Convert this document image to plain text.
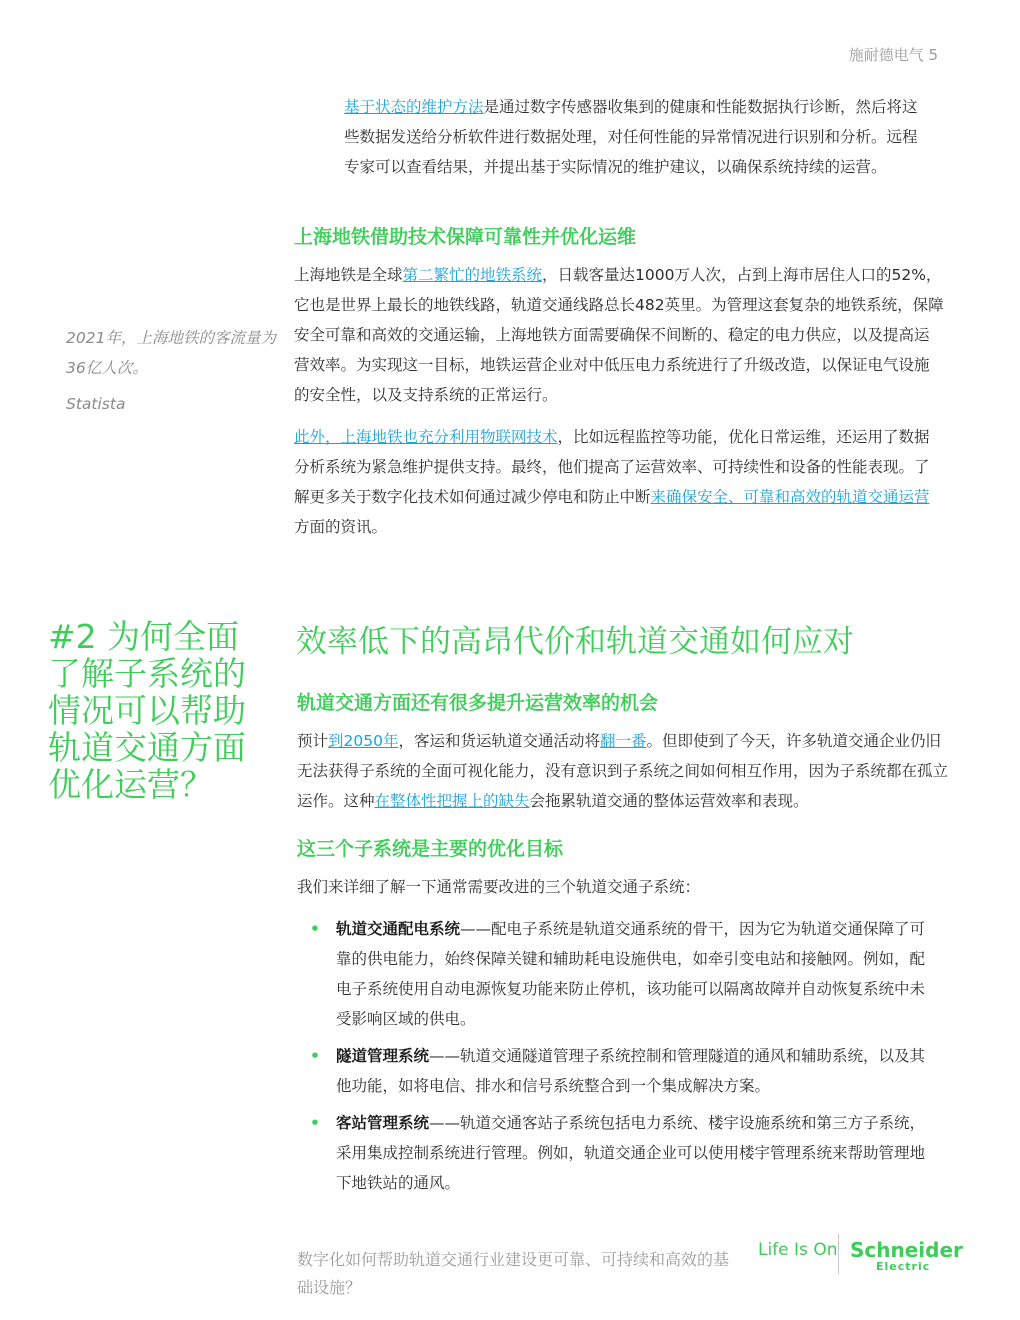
施耐德电气 5
基于状态的维护方法是通过数字传感器收集到的健康和性能数据执行诊断，然后将这些数据发送给分析软件进行数据处理，对任何性能的异常情况进行识别和分析。远程专家可以查看结果，并提出基于实际情况的维护建议，以确保系统持续的运营。
上海地铁借助技术保障可靠性并优化运维
上海地铁是全球第二繁忙的地铁系统，日载客量达1000万人次，占到上海市居住人口的52%，它也是世界上最长的地铁线路，轨道交通线路总长482英里。为管理这套复杂的地铁系统，保障安全可靠和高效的交通运输，上海地铁方面需要确保不间断的、稳定的电力供应，以及提高运营效率。为实现这一目标，地铁运营企业对中低压电力系统进行了升级改造，以保证电气设施的安全性，以及支持系统的正常运行。
此外，上海地铁也充分利用物联网技术，比如远程监控等功能，优化日常运维，还运用了数据分析系统为紧急维护提供支持。最终，他们提高了运营效率、可持续性和设备的性能表现。了解更多关于数字化技术如何通过减少停电和防止中断来确保安全、可靠和高效的轨道交通运营方面的资讯。
2021年，上海地铁的客流量为36亿人次。
Statista
#2 为何全面了解子系统的情况可以帮助轨道交通方面优化运营？
效率低下的高昂代价和轨道交通如何应对
轨道交通方面还有很多提升运营效率的机会
预计到2050年，客运和货运轨道交通活动将翻一番。但即使到了今天，许多轨道交通企业仍旧无法获得子系统的全面可视化能力，没有意识到子系统之间如何相互作用，因为子系统都在孤立运作。这种在整体性把握上的缺失会拖累轨道交通的整体运营效率和表现。
这三个子系统是主要的优化目标
我们来详细了解一下通常需要改进的三个轨道交通子系统：
• 轨道交通配电系统——配电子系统是轨道交通系统的骨干，因为它为轨道交通保障了可靠的供电能力，始终保障关键和辅助耗电设施供电，如牵引变电站和接触网。例如，配电子系统使用自动电源恢复功能来防止停机，该功能可以隔离故障并自动恢复系统中未受影响区域的供电。
• 隧道管理系统——轨道交通隧道管理子系统控制和管理隧道的通风和辅助系统，以及其他功能，如将电信、排水和信号系统整合到一个集成解决方案。
• 客站管理系统——轨道交通客站子系统包括电力系统、楼宇设施系统和第三方子系统，采用集成控制系统进行管理。例如，轨道交通企业可以使用楼宇管理系统来帮助管理地下地铁站的通风。
数字化如何帮助轨道交通行业建设更可靠、可持续和高效的基础设施？
Life Is On Schneider
Electric
